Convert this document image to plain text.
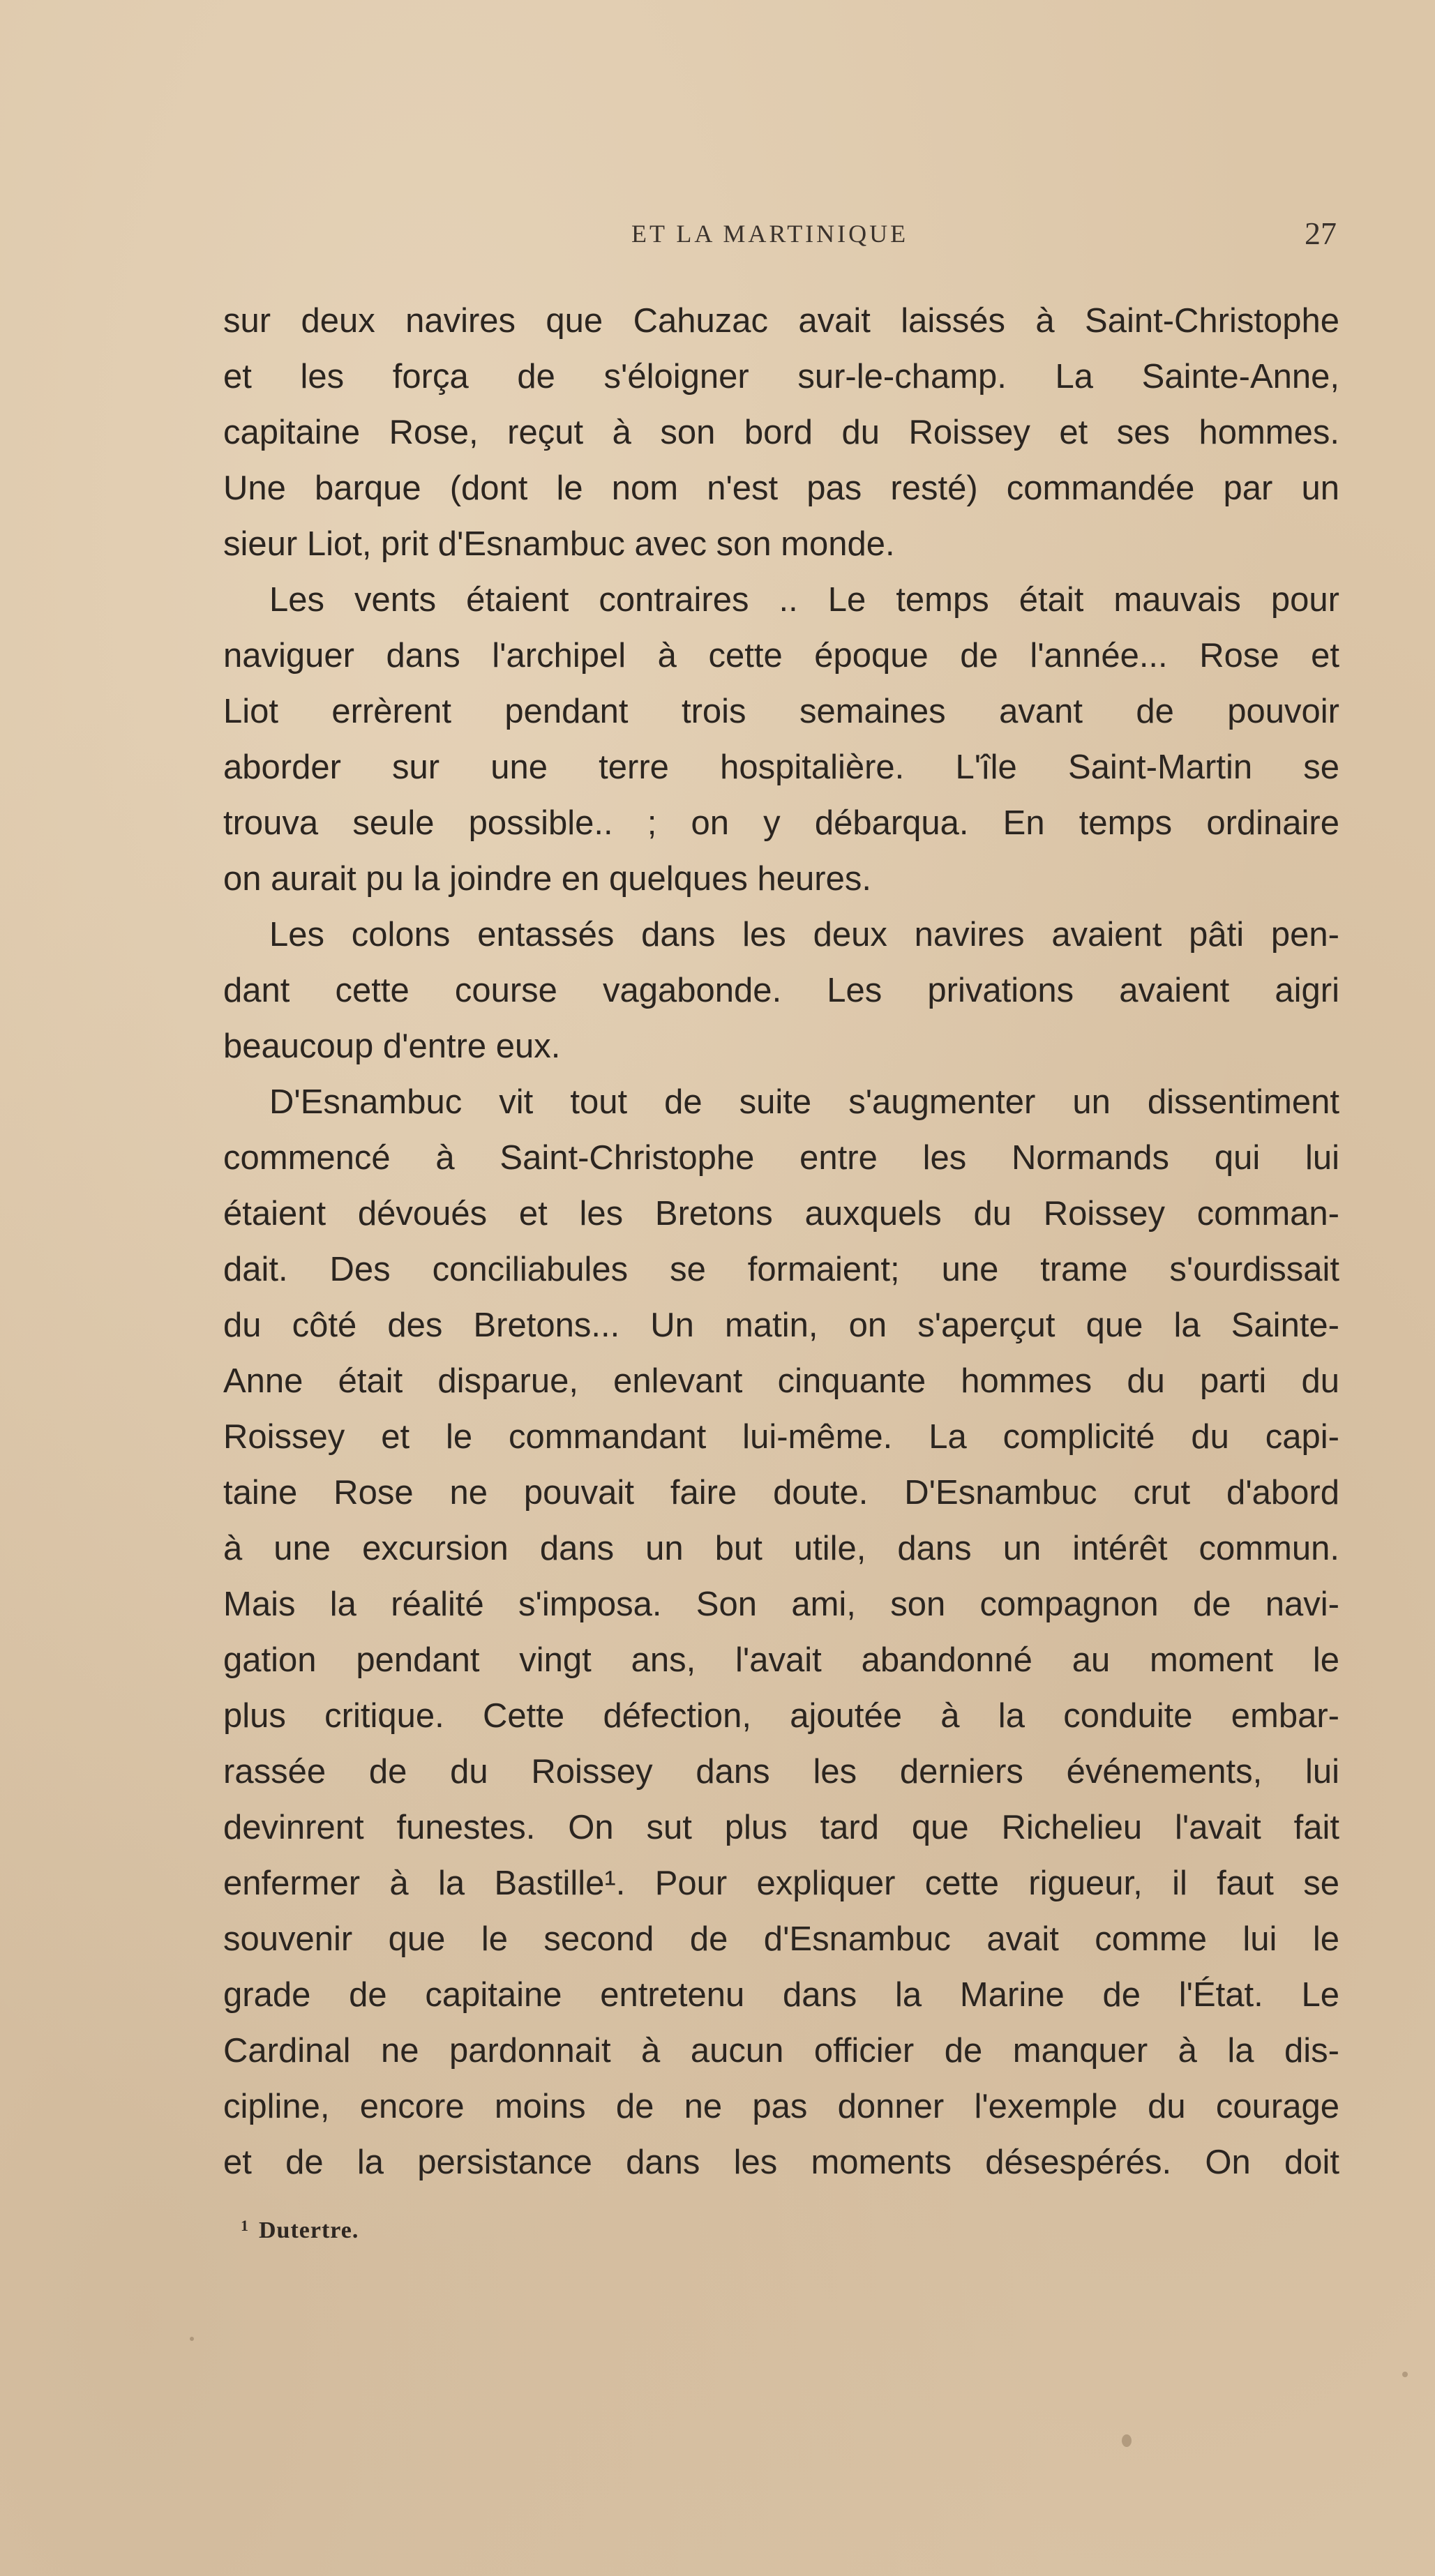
ET LA MARTINIQUE	27
sur deux navires que Cahuzac avait laissés à Saint-Christophe
et les força de s'éloigner sur-le-champ. La Sainte-Anne,
capitaine Rose, reçut à son bord du Roissey et ses hommes.
Une barque (dont le nom n'est pas resté) commandée par un
sieur Liot, prit d'Esnambuc avec son monde.
Les vents étaient contraires .. Le temps était mauvais pour
naviguer dans l'archipel à cette époque de l'année... Rose et
Liot errèrent pendant trois semaines avant de pouvoir
aborder sur une terre hospitalière. L'île Saint-Martin se
trouva seule possible.. ; on y débarqua. En temps ordinaire
on aurait pu la joindre en quelques heures.
Les colons entassés dans les deux navires avaient pâti pen-
dant cette course vagabonde. Les privations avaient aigri
beaucoup d'entre eux.
D'Esnambuc vit tout de suite s'augmenter un dissentiment
commencé à Saint-Christophe entre les Normands qui lui
étaient dévoués et les Bretons auxquels du Roissey comman-
dait. Des conciliabules se formaient; une trame s'ourdissait
du côté des Bretons... Un matin, on s'aperçut que la Sainte-
Anne était disparue, enlevant cinquante hommes du parti du
Roissey et le commandant lui-même. La complicité du capi-
taine Rose ne pouvait faire doute. D'Esnambuc crut d'abord
à une excursion dans un but utile, dans un intérêt commun.
Mais la réalité s'imposa. Son ami, son compagnon de navi-
gation pendant vingt ans, l'avait abandonné au moment le
plus critique. Cette défection, ajoutée à la conduite embar-
rassée de du Roissey dans les derniers événements, lui
devinrent funestes. On sut plus tard que Richelieu l'avait fait
enfermer à la Bastille¹. Pour expliquer cette rigueur, il faut se
souvenir que le second de d'Esnambuc avait comme lui le
grade de capitaine entretenu dans la Marine de l'État. Le
Cardinal ne pardonnait à aucun officier de manquer à la dis-
cipline, encore moins de ne pas donner l'exemple du courage
et de la persistance dans les moments désespérés. On doit
$^1$ Dutertre.
